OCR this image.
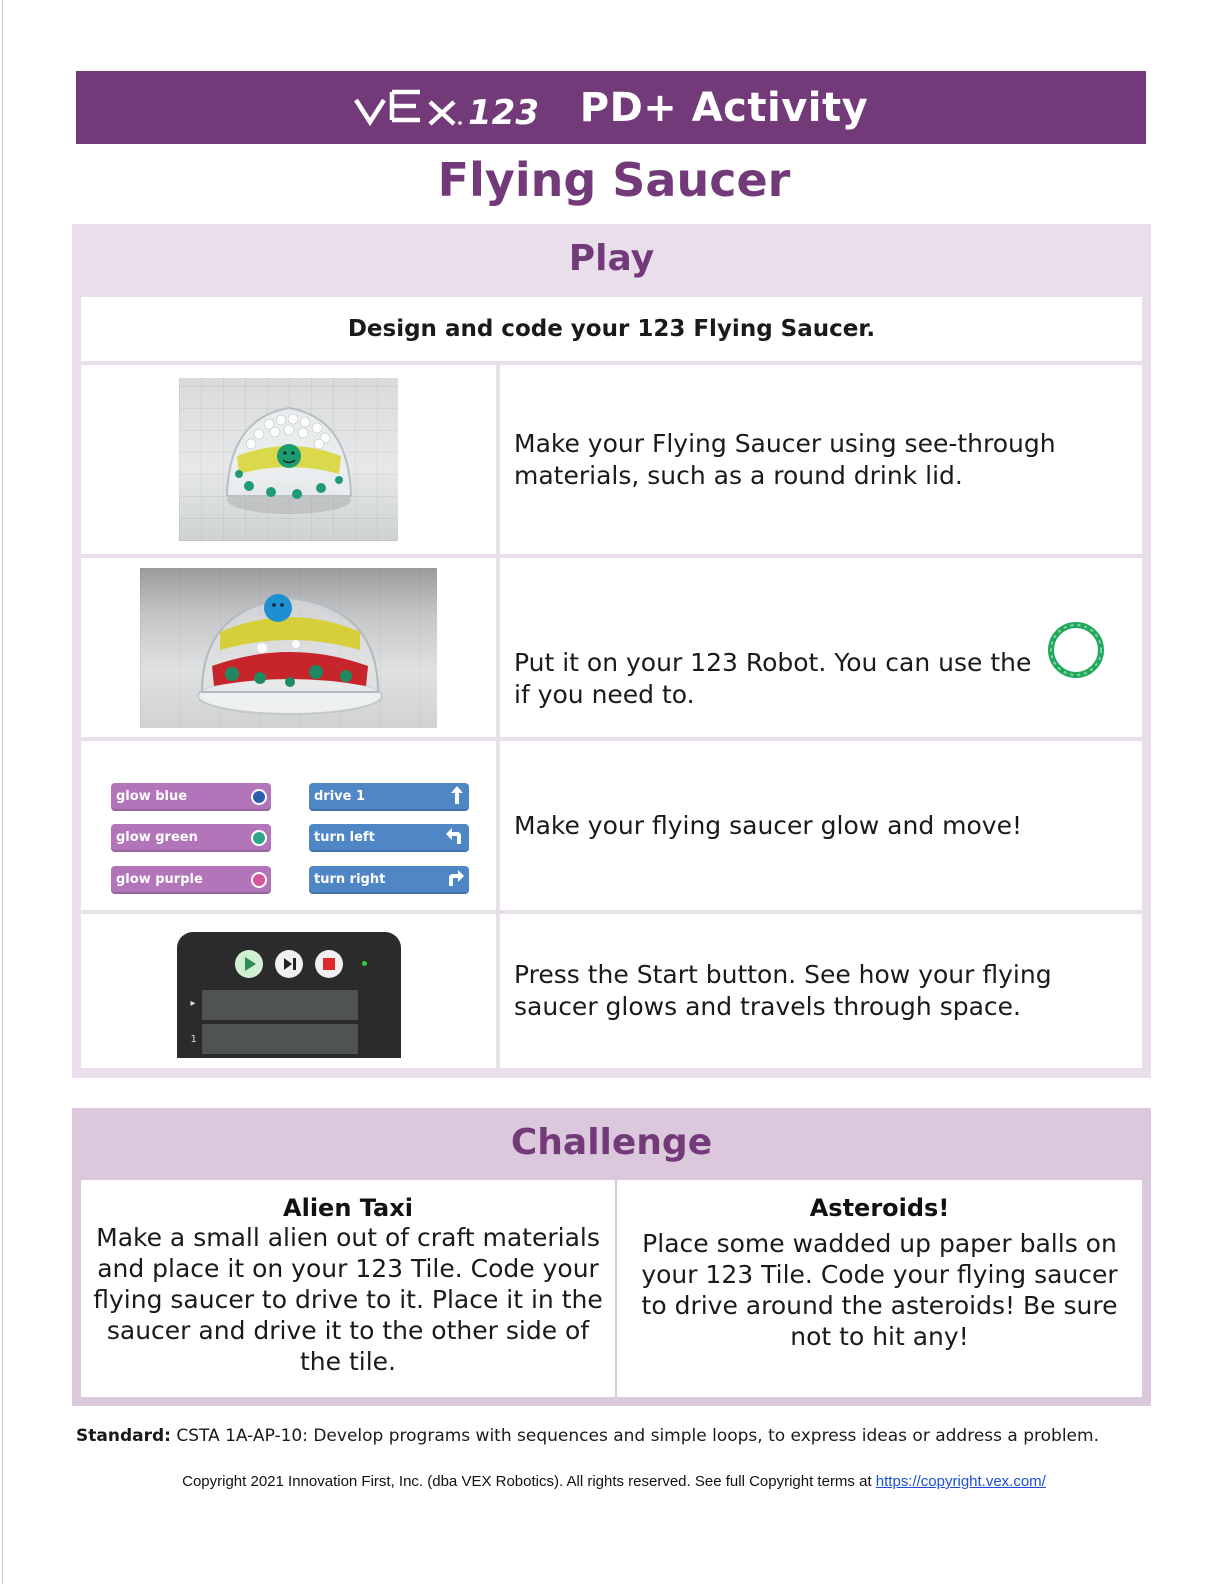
123 PD+ Activity
Flying Saucer
Play
Design and code your 123 Flying Saucer.
Make your Flying Saucer using see-through materials, such as a round drink lid.
Put it on your 123 Robot. You can use the  if you need to.
glow blue
glow green
glow purple
drive 1
turn left
turn right
Make your flying saucer glow and move!
▸
1
Press the Start button. See how your flying saucer glows and travels through space.
Challenge
Alien Taxi
Make a small alien out of craft materials and place it on your 123 Tile. Code your flying saucer to drive to it. Place it in the saucer and drive it to the other side of the tile.
Asteroids!
Place some wadded up paper balls on your 123 Tile. Code your flying saucer to drive around the asteroids! Be sure not to hit any!
Standard: CSTA 1A-AP-10: Develop programs with sequences and simple loops, to express ideas or address a problem.
Copyright 2021 Innovation First, Inc. (dba VEX Robotics). All rights reserved. See full Copyright terms at https://copyright.vex.com/
